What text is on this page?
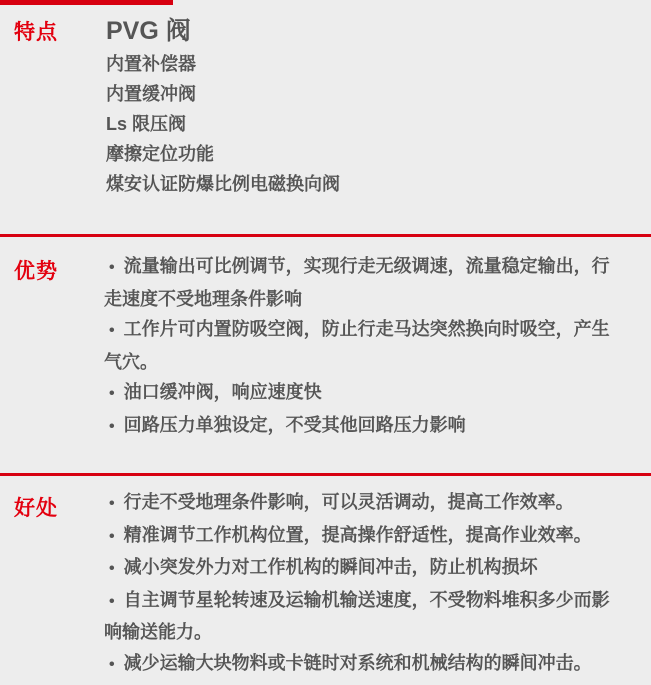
特点 PVG 阀
内置补偿器
内置缓冲阀
Ls 限压阀
摩擦定位功能
煤安认证防爆比例电磁换向阀
优势	• 流量输出可比例调节，实现行走无级调速，流量稳定输出，行走速度不受地理条件影响

• 工作片可内置防吸空阀，防止行走马达突然换向时吸空，产生气穴。

• 油口缓冲阀，响应速度快

• 回路压力单独设定，不受其他回路压力影响

好处	• 行走不受地理条件影响，可以灵活调动，提高工作效率。

• 精准调节工作机构位置，提高操作舒适性，提高作业效率。

• 减小突发外力对工作机构的瞬间冲击，防止机构损坏

• 自主调节星轮转速及运输机输送速度，不受物料堆积多少而影响输送能力。

• 减少运输大块物料或卡链时对系统和机械结构的瞬间冲击。
